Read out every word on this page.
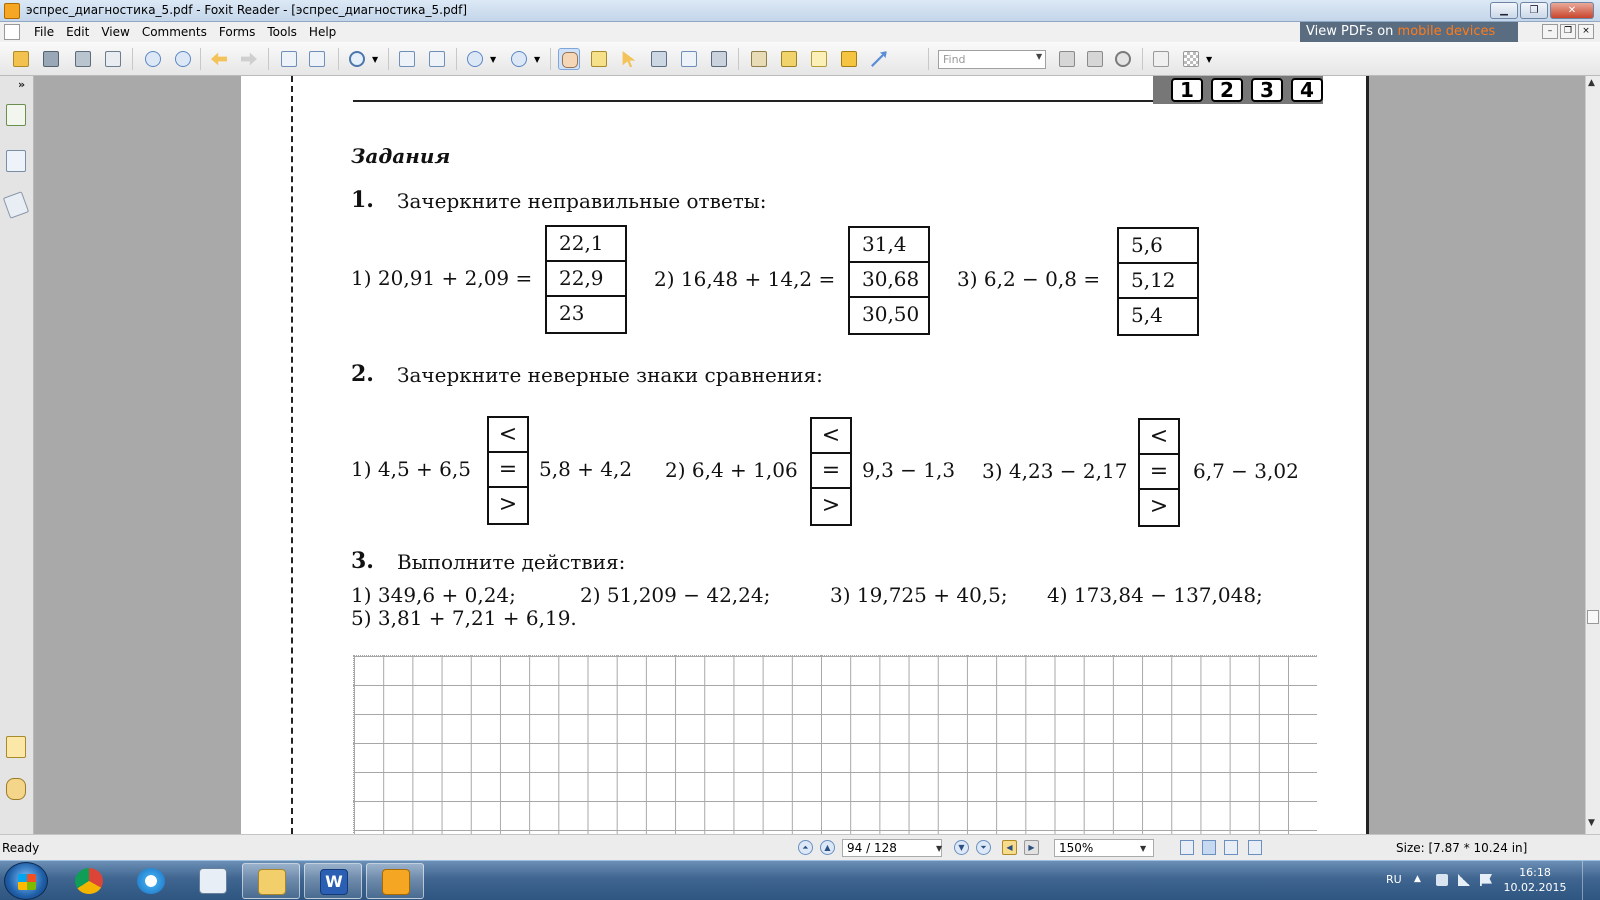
эспрес_диагностика_5.pdf - Foxit Reader - [эспрес_диагностика_5.pdf]	▁	❐	✕
File	Edit	View	Comments	Forms	Tools	Help	View PDFs on mobile devices	–	❐	×
▼	▼	▼	Find	▼	▼
»	1	2	3	4
Задания
1. Зачеркните неправильные ответы:
1) 20,91 + 2,09 =
22,1
22,9
23
2) 16,48 + 14,2 =
31,4
30,68
30,50
3) 6,2 − 0,8 =
5,6
5,12
5,4
2. Зачеркните неверные знаки сравнения:
1) 4,5 + 6,5
<
=
>
5,8 + 4,2 2) 6,4 + 1,06
<
=
>
9,3 − 1,3 3) 4,23 − 2,17
<
=
>
6,7 − 3,02
3. Выполните действия:
1) 349,6 + 0,24;	2) 51,209 − 42,24;	3) 19,725 + 40,5; 4) 173,84 − 137,048;
5) 3,81 + 7,21 + 6,19.
▲
▼
Ready	⏶	▲	94 / 128	▼	▼	⏷	◀	▶	150%	▼	Size: [7.87 * 10.24 in]
W	RU ▲	16:18
10.02.2015
